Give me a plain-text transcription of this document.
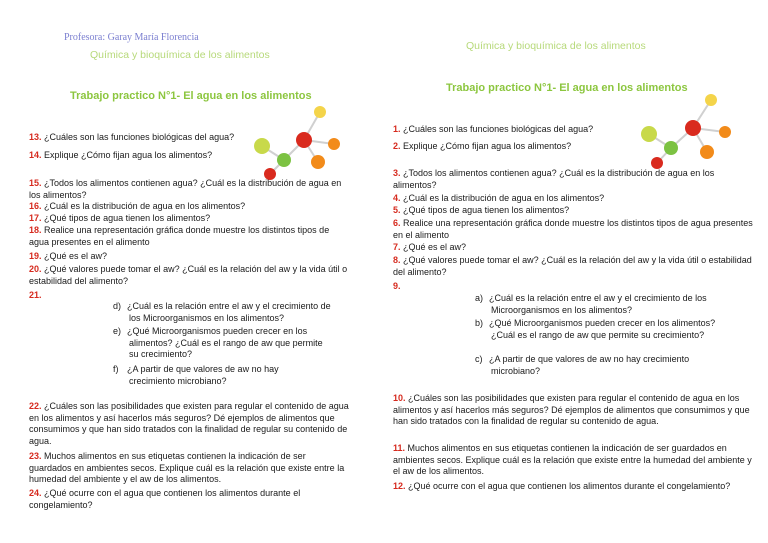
Profesora: Garay María Florencia
Química y bioquímica de los alimentos
Trabajo practico N°1- El agua en los alimentos

13. ¿Cuáles son las funciones biológicas del agua?

14. Explique ¿Cómo fijan agua los alimentos?

15. ¿Todos los alimentos contienen agua? ¿Cuál es la distribución de agua en los alimentos?

16. ¿Cuál es la distribución de agua en los alimentos?

17. ¿Qué tipos de agua tienen los alimentos?

18. Realice una representación gráfica donde muestre los distintos tipos de agua presentes en el alimento

19. ¿Qué es el aw?

20. ¿Qué valores puede tomar el aw? ¿Cuál es la relación del aw y la vida útil o estabilidad del alimento?

21.

d) ¿Cuál es la relación entre el aw y el crecimiento de los Microorganismos en los alimentos?
e) ¿Qué Microorganismos pueden crecer en los alimentos? ¿Cuál es el rango de aw que permite su crecimiento?
f) ¿A partir de que valores de aw no hay crecimiento microbiano?

22. ¿Cuáles son las posibilidades que existen para regular el contenido de agua en los alimentos y así hacerlos más seguros? Dé ejemplos de alimentos que consumimos y que han sido tratados con la finalidad de regular su contenido de agua.

23. Muchos alimentos en sus etiquetas contienen la indicación de ser guardados en ambientes secos. Explique cuál es la relación que existe entre la humedad del ambiente y el aw de los alimentos.

24. ¿Qué ocurre con el agua que contienen los alimentos durante el congelamiento?

Química y bioquímica de los alimentos
Trabajo practico N°1- El agua en los alimentos

1. ¿Cuáles son las funciones biológicas del agua?

2. Explique ¿Cómo fijan agua los alimentos?

3. ¿Todos los alimentos contienen agua? ¿Cuál es la distribución de agua en los alimentos?

4. ¿Cuál es la distribución de agua en los alimentos?

5. ¿Qué tipos de agua tienen los alimentos?

6. Realice una representación gráfica donde muestre los distintos tipos de agua presentes en el alimento

7. ¿Qué es el aw?

8. ¿Qué valores puede tomar el aw? ¿Cuál es la relación del aw y la vida útil o estabilidad del alimento?

9.

a) ¿Cuál es la relación entre el aw y el crecimiento de los Microorganismos en los alimentos?
b) ¿Qué Microorganismos pueden crecer en los alimentos? ¿Cuál es el rango de aw que permite su crecimiento?
c) ¿A partir de que valores de aw no hay crecimiento microbiano?

10. ¿Cuáles son las posibilidades que existen para regular el contenido de agua en los alimentos y así hacerlos más seguros? Dé ejemplos de alimentos que consumimos y que han sido tratados con la finalidad de regular su contenido de agua.

11. Muchos alimentos en sus etiquetas contienen la indicación de ser guardados en ambientes secos. Explique cuál es la relación que existe entre la humedad del ambiente y el aw de los alimentos.

12. ¿Qué ocurre con el agua que contienen los alimentos durante el congelamiento?
